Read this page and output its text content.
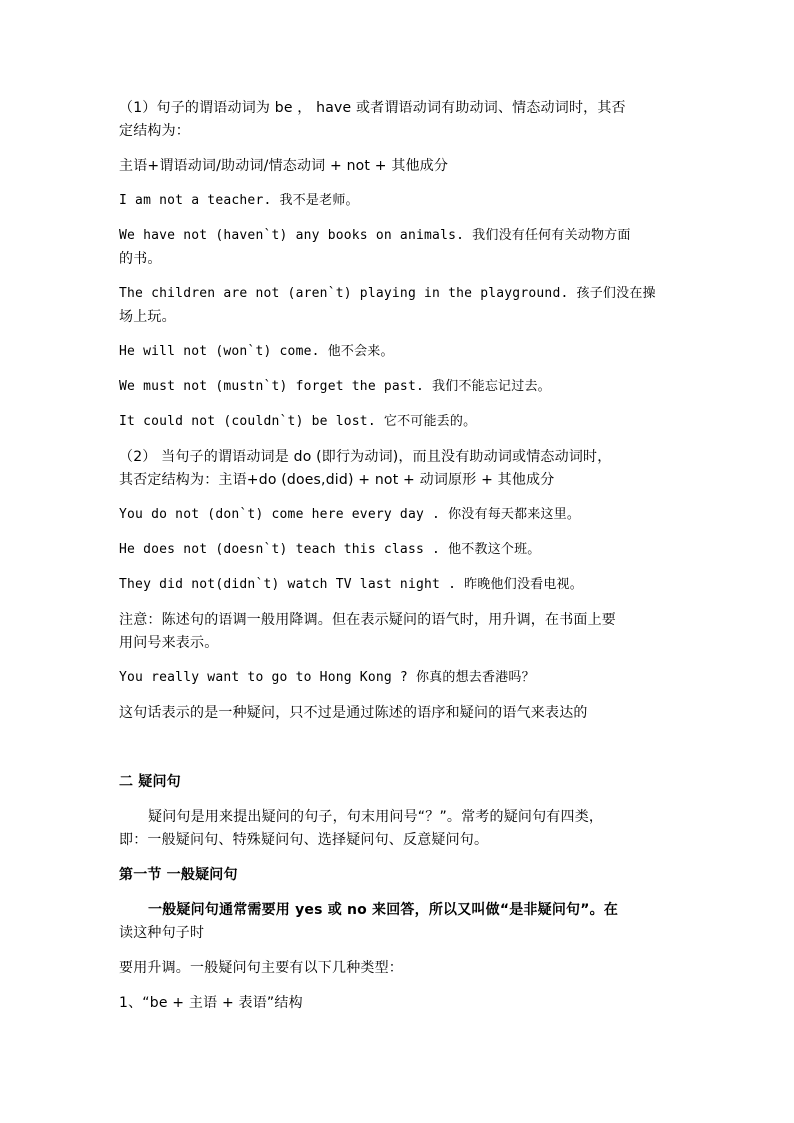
（1）句子的谓语动词为 be ， have 或者谓语动词有助动词、情态动词时，其否
定结构为：
主语+谓语动词/助动词/情态动词 + not + 其他成分
I am not a teacher. 我不是老师。
We have not (haven`t) any books on animals. 我们没有任何有关动物方面
的书。
The children are not (aren`t) playing in the playground. 孩子们没在操
场上玩。
He will not (won`t) come. 他不会来。
We must not (mustn`t) forget the past. 我们不能忘记过去。
It could not (couldn`t) be lost. 它不可能丢的。
（2） 当句子的谓语动词是 do (即行为动词)，而且没有助动词或情态动词时，
其否定结构为：主语+do (does,did) + not + 动词原形 + 其他成分
You do not (don`t) come here every day . 你没有每天都来这里。
He does not (doesn`t) teach this class . 他不教这个班。
They did not(didn`t) watch TV last night . 昨晚他们没看电视。
注意：陈述句的语调一般用降调。但在表示疑问的语气时，用升调，在书面上要
用问号来表示。
You really want to go to Hong Kong ? 你真的想去香港吗？
这句话表示的是一种疑问，只不过是通过陈述的语序和疑问的语气来表达的
二 疑问句
疑问句是用来提出疑问的句子，句末用问号“？”。常考的疑问句有四类，
即：一般疑问句、特殊疑问句、选择疑问句、反意疑问句。
第一节 一般疑问句
一般疑问句通常需要用 yes 或 no 来回答，所以又叫做“是非疑问句”。在
读这种句子时
要用升调。一般疑问句主要有以下几种类型：
1、“be + 主语 + 表语”结构
